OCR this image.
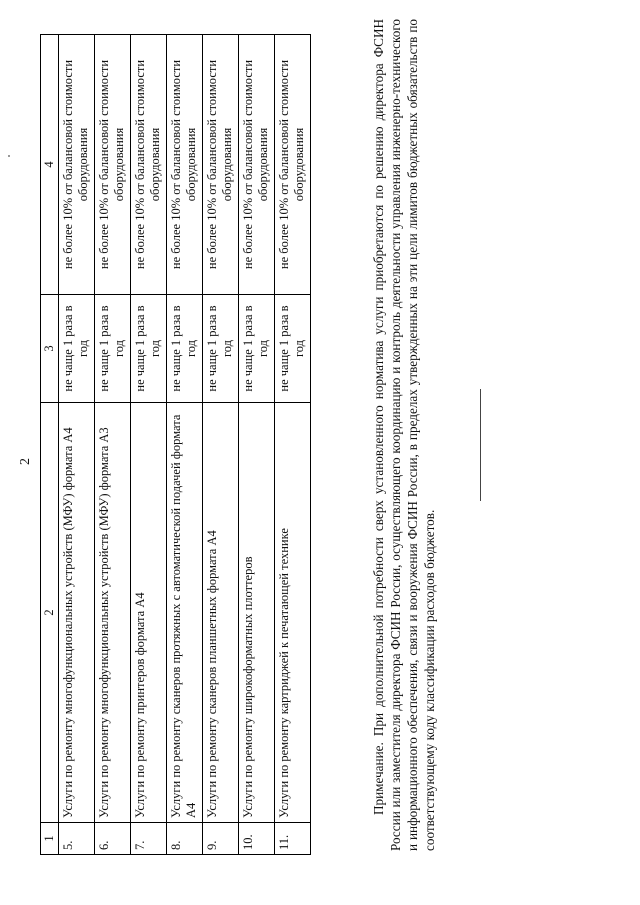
2
1	2	3	4
5.	Услуги по ремонту многофункциональных устройств (МФУ) формата А4	не чаще 1 раза в год	не более 10% от балансовой стоимости оборудования
6.	Услуги по ремонту многофункциональных устройств (МФУ) формата А3	не чаще 1 раза в год	не более 10% от балансовой стоимости оборудования
7.	Услуги по ремонту принтеров формата А4	не чаще 1 раза в год	не более 10% от балансовой стоимости оборудования
8.	Услуги по ремонту сканеров протяжных с автоматической подачей формата А4	не чаще 1 раза в год	не более 10% от балансовой стоимости оборудования
9.	Услуги по ремонту сканеров планшетных формата А4	не чаще 1 раза в год	не более 10% от балансовой стоимости оборудования
10.	Услуги по ремонту широкоформатных плоттеров	не чаще 1 раза в год	не более 10% от балансовой стоимости оборудования
11.	Услуги по ремонту картриджей к печатающей технике	не чаще 1 раза в год	не более 10% от балансовой стоимости оборудования	Примечание. При дополнительной потребности сверх установленного норматива услуги приобретаются по решению директора ФСИН России или заместителя директора ФСИН России, осуществляющего координацию и контроль деятельности управления инженерно-технического и информационного обеспечения, связи и вооружения ФСИН России, в пределах утвержденных на эти цели лимитов бюджетных обязательств по соответствующему коду классификации расходов бюджетов.
